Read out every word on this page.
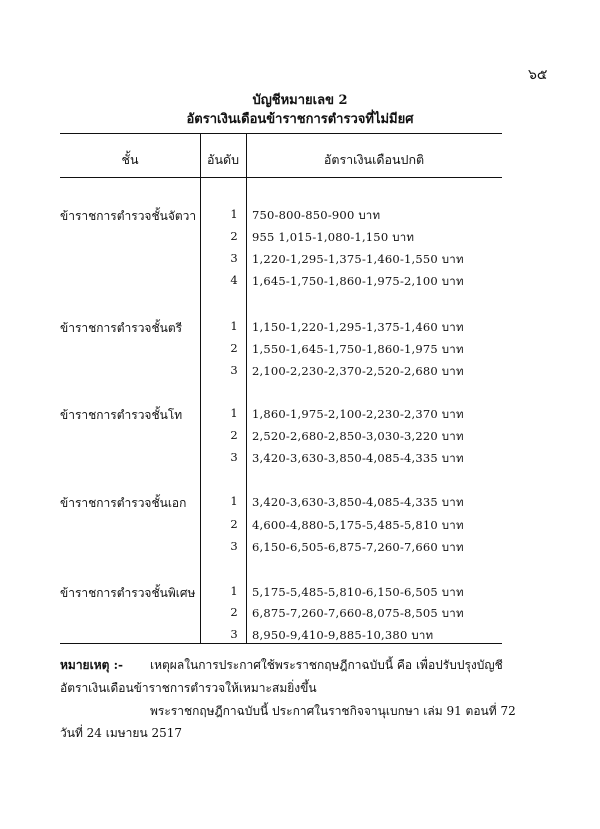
๖๕
บัญชีหมายเลข 2
อัตราเงินเดือนข้าราชการตำรวจที่ไม่มียศ
ชั้น	อันดับ	อัตราเงินเดือนปกติ
ข้าราชการตำรวจชั้นจัตวา	1 750-800-850-900 บาท
2 955 1,015-1,080-1,150 บาท
3 1,220-1,295-1,375-1,460-1,550 บาท
4 1,645-1,750-1,860-1,975-2,100 บาท
ข้าราชการตำรวจชั้นตรี	1 1,150-1,220-1,295-1,375-1,460 บาท
2 1,550-1,645-1,750-1,860-1,975 บาท
3 2,100-2,230-2,370-2,520-2,680 บาท
ข้าราชการตำรวจชั้นโท	1 1,860-1,975-2,100-2,230-2,370 บาท
2 2,520-2,680-2,850-3,030-3,220 บาท
3 3,420-3,630-3,850-4,085-4,335 บาท
ข้าราชการตำรวจชั้นเอก	1 3,420-3,630-3,850-4,085-4,335 บาท
2 4,600-4,880-5,175-5,485-5,810 บาท
3 6,150-6,505-6,875-7,260-7,660 บาท
ข้าราชการตำรวจชั้นพิเศษ	1 5,175-5,485-5,810-6,150-6,505 บาท
2 6,875-7,260-7,660-8,075-8,505 บาท
3 8,950-9,410-9,885-10,380 บาท
หมายเหตุ :- เหตุผลในการประกาศใช้พระราชกฤษฎีกาฉบับนี้ คือ เพื่อปรับปรุงบัญชี
อัตราเงินเดือนข้าราชการตำรวจให้เหมาะสมยิ่งขึ้น
พระราชกฤษฎีกาฉบับนี้ ประกาศในราชกิจจานุเบกษา เล่ม 91 ตอนที่ 72
วันที่ 24 เมษายน 2517
